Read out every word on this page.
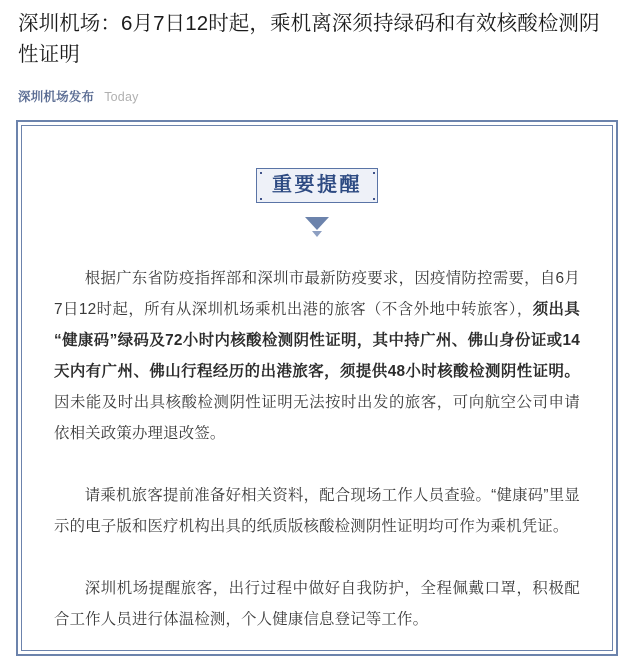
深圳机场：6月7日12时起，乘机离深须持绿码和有效核酸检测阴性证明
深圳机场发布 Today
重要提醒

根据广东省防疫指挥部和深圳市最新防疫要求，因疫情防控需要，自6月7日12时起，所有从深圳机场乘机出港的旅客（不含外地中转旅客），须出具“健康码”绿码及72小时内核酸检测阴性证明，其中持广州、佛山身份证或14天内有广州、佛山行程经历的出港旅客，须提供48小时核酸检测阴性证明。因未能及时出具核酸检测阴性证明无法按时出发的旅客，可向航空公司申请依相关政策办理退改签。

请乘机旅客提前准备好相关资料，配合现场工作人员查验。“健康码”里显示的电子版和医疗机构出具的纸质版核酸检测阴性证明均可作为乘机凭证。

深圳机场提醒旅客，出行过程中做好自我防护，全程佩戴口罩，积极配合工作人员进行体温检测，个人健康信息登记等工作。
